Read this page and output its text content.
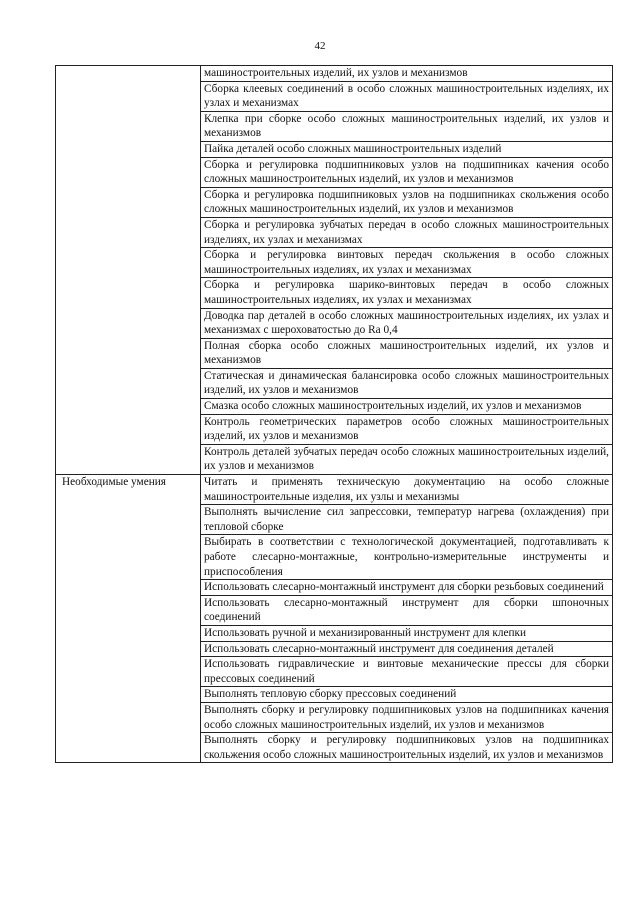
42
	машиностроительных изделий, их узлов и механизмов
	Сборка клеевых соединений в особо сложных машиностроительных изделиях, их узлах и механизмах
	Клепка при сборке особо сложных машиностроительных изделий, их узлов и механизмов
	Пайка деталей особо сложных машиностроительных изделий
	Сборка и регулировка подшипниковых узлов на подшипниках качения особо сложных машиностроительных изделий, их узлов и механизмов
	Сборка и регулировка подшипниковых узлов на подшипниках скольжения особо сложных машиностроительных изделий, их узлов и механизмов
	Сборка и регулировка зубчатых передач в особо сложных машиностроительных изделиях, их узлах и механизмах
	Сборка и регулировка винтовых передач скольжения в особо сложных машиностроительных изделиях, их узлах и механизмах
	Сборка и регулировка шарико-винтовых передач в особо сложных машиностроительных изделиях, их узлах и механизмах
	Доводка пар деталей в особо сложных машиностроительных изделиях, их узлах и механизмах с шероховатостью до Ra 0,4
	Полная сборка особо сложных машиностроительных изделий, их узлов и механизмов
	Статическая и динамическая балансировка особо сложных машиностроительных изделий, их узлов и механизмов
	Смазка особо сложных машиностроительных изделий, их узлов и механизмов
	Контроль геометрических параметров особо сложных машиностроительных изделий, их узлов и механизмов
	Контроль деталей зубчатых передач особо сложных машиностроительных изделий, их узлов и механизмов
Необходимые умения	Читать и применять техническую документацию на особо сложные машиностроительные изделия, их узлы и механизмы
	Выполнять вычисление сил запрессовки, температур нагрева (охлаждения) при тепловой сборке
	Выбирать в соответствии с технологической документацией, подготавливать к работе слесарно-монтажные, контрольно-измерительные инструменты и приспособления
	Использовать слесарно-монтажный инструмент для сборки резьбовых соединений
	Использовать слесарно-монтажный инструмент для сборки шпоночных соединений
	Использовать ручной и механизированный инструмент для клепки
	Использовать слесарно-монтажный инструмент для соединения деталей
	Использовать гидравлические и винтовые механические прессы для сборки прессовых соединений
	Выполнять тепловую сборку прессовых соединений
	Выполнять сборку и регулировку подшипниковых узлов на подшипниках качения особо сложных машиностроительных изделий, их узлов и механизмов
	Выполнять сборку и регулировку подшипниковых узлов на подшипниках скольжения особо сложных машиностроительных изделий, их узлов и механизмов
